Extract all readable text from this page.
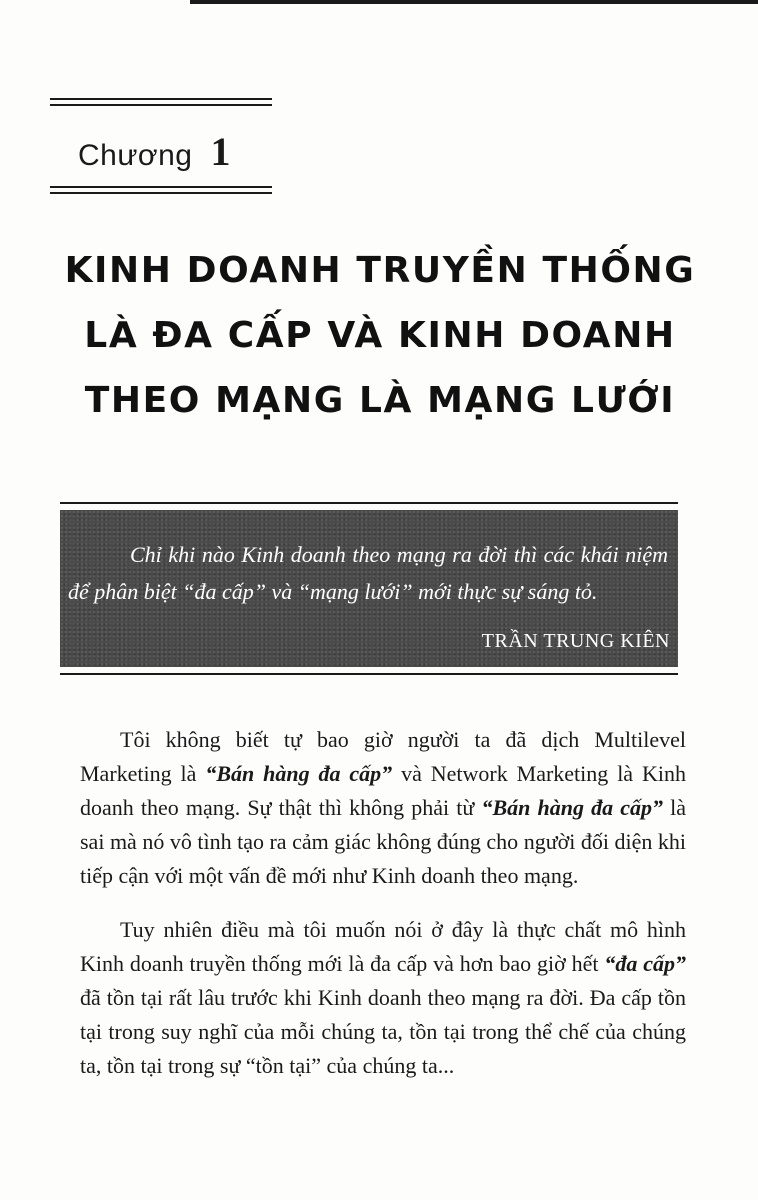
Chương 1
KINH DOANH TRUYỀN THỐNG
LÀ ĐA CẤP VÀ KINH DOANH
THEO MẠNG LÀ MẠNG LƯỚI

Chỉ khi nào Kinh doanh theo mạng ra đời thì các khái niệm để phân biệt “đa cấp” và “mạng lưới” mới thực sự sáng tỏ.

TRẦN TRUNG KIÊN

Tôi không biết tự bao giờ người ta đã dịch Multilevel Marketing là “Bán hàng đa cấp” và Network Marketing là Kinh doanh theo mạng. Sự thật thì không phải từ “Bán hàng đa cấp” là sai mà nó vô tình tạo ra cảm giác không đúng cho người đối diện khi tiếp cận với một vấn đề mới như Kinh doanh theo mạng.

Tuy nhiên điều mà tôi muốn nói ở đây là thực chất mô hình Kinh doanh truyền thống mới là đa cấp và hơn bao giờ hết “đa cấp” đã tồn tại rất lâu trước khi Kinh doanh theo mạng ra đời. Đa cấp tồn tại trong suy nghĩ của mỗi chúng ta, tồn tại trong thể chế của chúng ta, tồn tại trong sự “tồn tại” của chúng ta...
